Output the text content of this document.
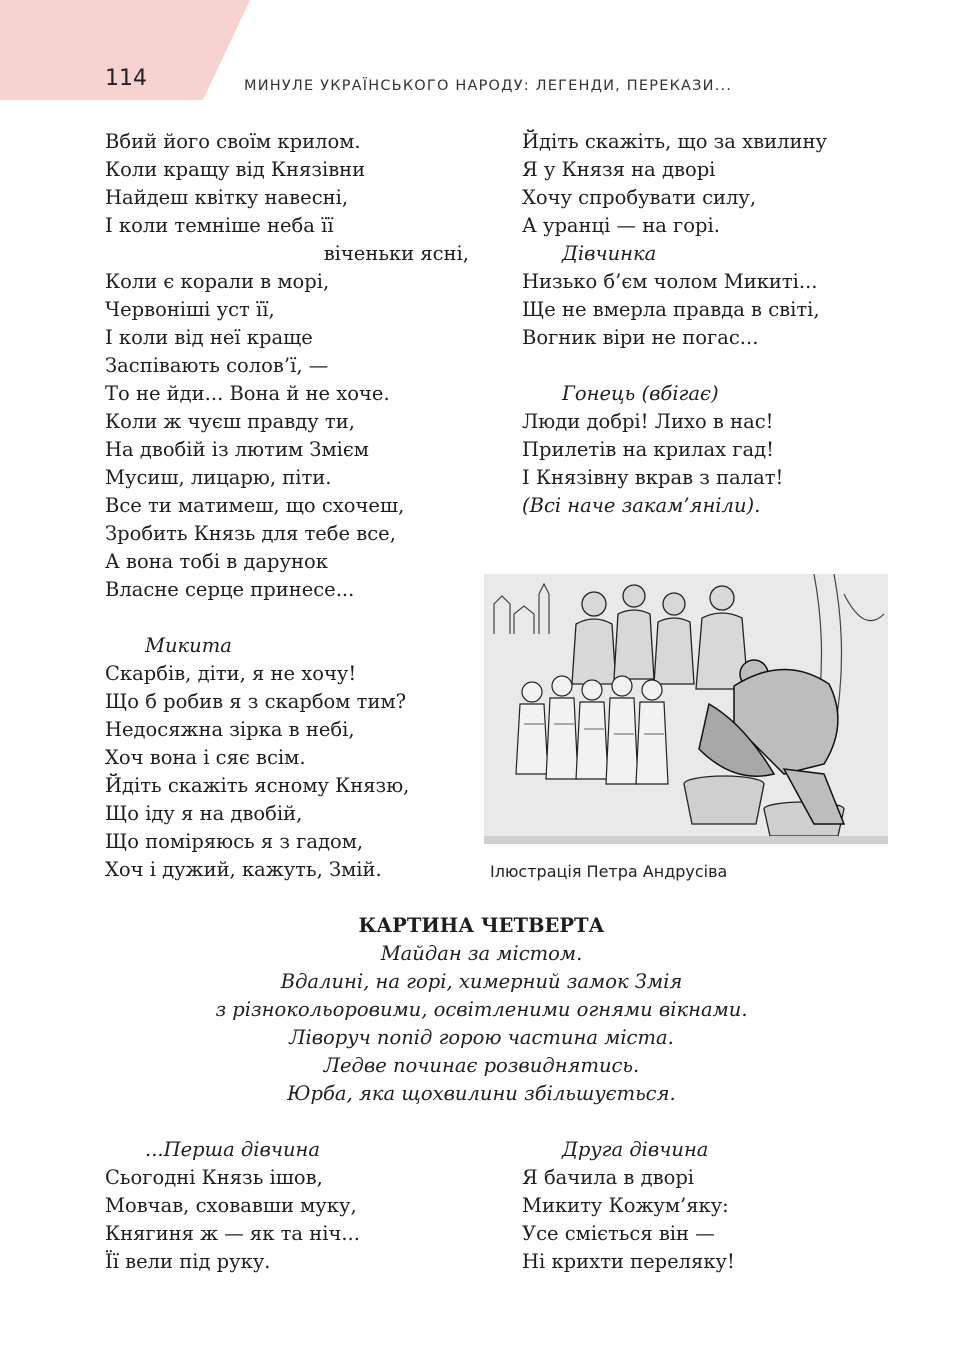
114	МИНУЛЕ УКРАЇНСЬКОГО НАРОДУ: ЛЕГЕНДИ, ПЕРЕКАЗИ...
Вбий його своїм крилом.
Коли кращу від Князівни
Найдеш квітку навесні,
І коли темніше неба її
віченьки ясні,
Коли є корали в морі,
Червоніші уст її,
І коли від неї краще
Заспівають солов’ї, —
То не йди... Вона й не хоче.
Коли ж чуєш правду ти,
На двобій із лютим Змієм
Мусиш, лицарю, піти.
Все ти матимеш, що схочеш,
Зробить Князь для тебе все,
А вона тобі в дарунок
Власне серце принесе...
Микита
Скарбів, діти, я не хочу!
Що б робив я з скарбом тим?
Недосяжна зірка в небі,
Хоч вона і сяє всім.
Йдіть скажіть ясному Князю,
Що іду я на двобій,
Що поміряюсь я з гадом,
Хоч і дужий, кажуть, Змій.
Йдіть скажіть, що за хвилину
Я у Князя на дворі
Хочу спробувати силу,
А уранці — на горі.
Дівчинка
Низько б’єм чолом Микиті...
Ще не вмерла правда в світі,
Вогник віри не погас...
Гонець (вбігає)
Люди добрі! Лихо в нас!
Прилетів на крилах гад!
І Князівну вкрав з палат!
(Всі наче закам’яніли).
Ілюстрація Петра Андрусіва
КАРТИНА ЧЕТВЕРТА
Майдан за містом.
Вдалині, на горі, химерний замок Змія
з різнокольоровими, освітленими огнями вікнами.
Ліворуч попід горою частина міста.
Ледве починає розвиднятись.
Юрба, яка щохвилини збільшується.
...Перша дівчина
Сьогодні Князь ішов,
Мовчав, сховавши муку,
Княгиня ж — як та ніч...
Її вели під руку.
Друга дівчина
Я бачила в дворі
Микиту Кожум’яку:
Усе сміється він —
Ні крихти переляку!
